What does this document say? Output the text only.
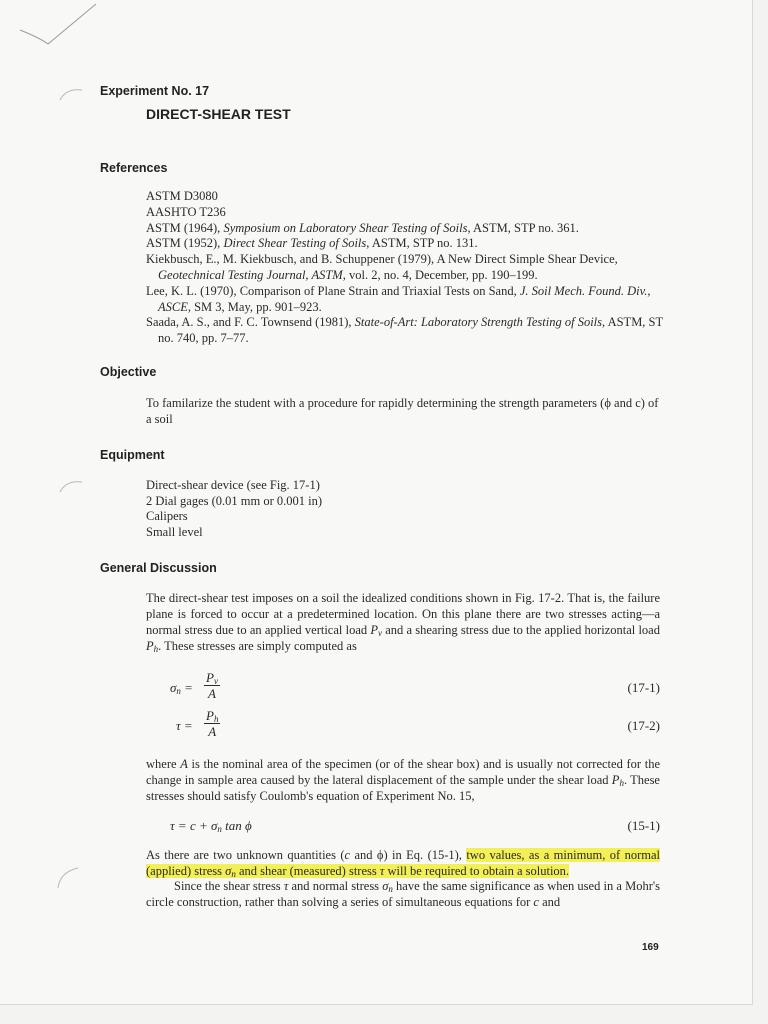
Experiment No. 17
DIRECT-SHEAR TEST
References
ASTM D3080
AASHTO T236
ASTM (1964), Symposium on Laboratory Shear Testing of Soils, ASTM, STP no. 361.
ASTM (1952), Direct Shear Testing of Soils, ASTM, STP no. 131.
Kiekbusch, E., M. Kiekbusch, and B. Schuppener (1979), A New Direct Simple Shear Device, Geotechnical Testing Journal, ASTM, vol. 2, no. 4, December, pp. 190–199.
Lee, K. L. (1970), Comparison of Plane Strain and Triaxial Tests on Sand, J. Soil Mech. Found. Div., ASCE, SM 3, May, pp. 901–923.
Saada, A. S., and F. C. Townsend (1981), State-of-Art: Laboratory Strength Testing of Soils, ASTM, ST no. 740, pp. 7–77.
Objective
To familarize the student with a procedure for rapidly determining the strength parameters (ϕ and c) of a soil
Equipment
Direct-shear device (see Fig. 17-1)
2 Dial gages (0.01 mm or 0.001 in)
Calipers
Small level
General Discussion
The direct-shear test imposes on a soil the idealized conditions shown in Fig. 17-2. That is, the failure plane is forced to occur at a predetermined location. On this plane there are two stresses acting—a normal stress due to an applied vertical load $P_v$ and a shearing stress due to the applied horizontal load $P_h$. These stresses are simply computed as
$\sigma_n = \frac{P_v}{A}$	(17-1)
$\tau = \frac{P_h}{A}$	(17-2)
where A is the nominal area of the specimen (or of the shear box) and is usually not corrected for the change in sample area caused by the lateral displacement of the sample under the shear load $P_h$. These stresses should satisfy Coulomb's equation of Experiment No. 15,
$\tau = c + \sigma_n$ tan ϕ	(15-1)
As there are two unknown quantities (c and ϕ) in Eq. (15-1), two values, as a minimum, of normal (applied) stress $\sigma_n$ and shear (measured) stress τ will be required to obtain a solution.
Since the shear stress τ and normal stress $\sigma_n$ have the same significance as when used in a Mohr's circle construction, rather than solving a series of simultaneous equations for c and
169
